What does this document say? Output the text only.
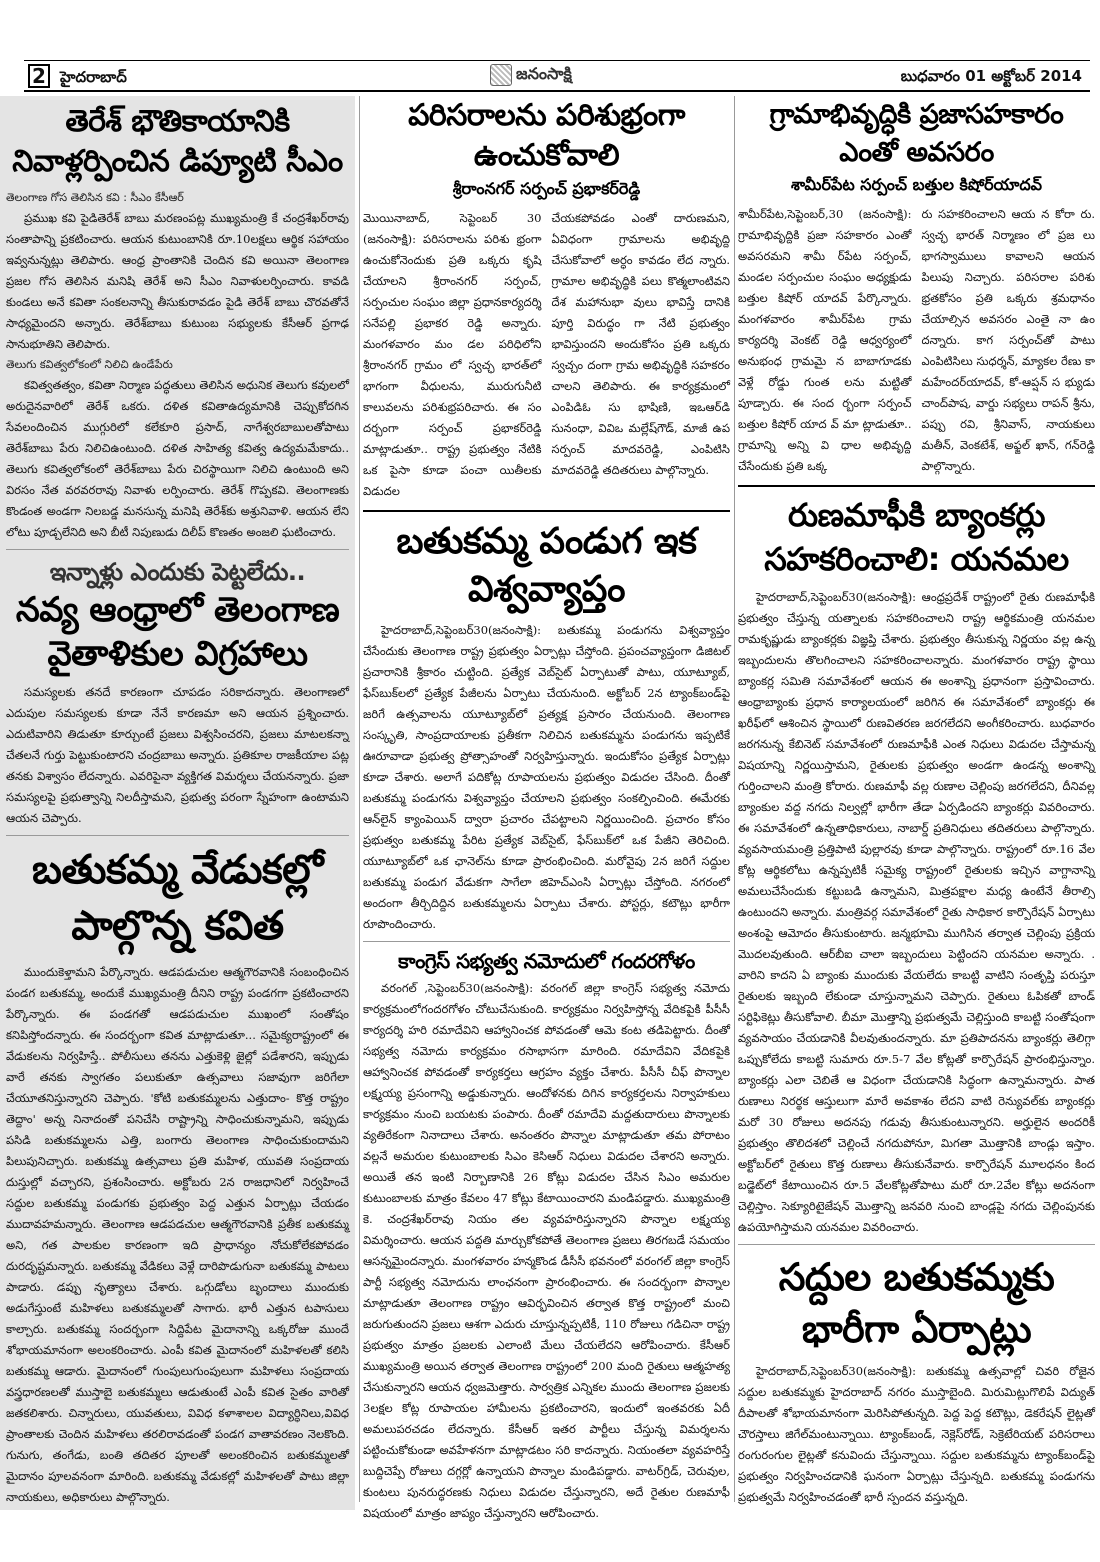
2 హైదరాబాద్	జనంసాక్షి	బుధవారం 01 అక్టోబర్ 2014
తెరేశ్ భౌతికాయానికి
నివాళ్లర్పించిన డిప్యూటి సీఎం
తెలంగాణ గోస తెలిసిన కవి : సీఎం కేసీఆర్
ప్రముఖ కవి పైడితెరేశ్ బాబు మరణంపట్ల ముఖ్యమంత్రి కే చంద్రశేఖర్‌రావు సంతాపాన్ని ప్రకటించారు. ఆయన కుటుంబానికి రూ.10లక్షలు ఆర్థిక సహాయం ఇవ్వనున్నట్లు తెలిపారు. ఆంధ్ర ప్రాంతానికి చెందిన కవి అయినా తెలంగాణ ప్రజల గోస తెలిసిన మనిషి తెరేశ్ అని సీఎం నివాళులర్పించారు. కావడి కుండలు అనే కవితా సంకలనాన్ని తీసుకురావడం పైడి తెరేశ్ బాబు చొరవతోనే సాధ్యమైందని అన్నారు. తెరేశ్‌బాబు కుటుంబ సభ్యులకు కేసీఆర్ ప్రగాఢ సానుభూతిని తెలిపారు.
తెలుగు కవిత్వలోకంలో నిలిచి ఉండేపేరు
కవిత్వతత్వం, కవితా నిర్మాణ పద్ధతులు తెలిసిన అధునిక తెలుగు కవులలో అరుదైనవారిలో తెరేశ్ ఒకరు. దళిత కవితాఉద్యమానికి చెప్పుకోదగిన సేవలందించిన ముగ్గురిలో కలేకూరి ప్రసాద్, నాగేశ్వరబాబులతోపాటు తెరేశ్‌బాబు పేరు నిలిచిఉంటుంది. దళిత సాహిత్య కవిత్వ ఉద్యమమేకాదు.. తెలుగు కవిత్వలోకంలో తెరేశ్‌బాబు పేరు చిరస్థాయిగా నిలిచి ఉంటుంది అని విరసం నేత వరవరరావు నివాళు లర్పించారు. తెరేశ్ గొప్పకవి. తెలంగాణకు కొండంత అండగా నిలబడ్డ మనసున్న మనిషి తెరేశ్‌కు అశ్రునివాళి. ఆయన లేని లోటు పూడ్చలేనిది అని బీటీ నిపుణుడు దిలీప్ కొణతం అంజలి ఘటించారు.
ఇన్నాళ్లు ఎందుకు పెట్టలేదు..
నవ్య ఆంధ్రాలో తెలంగాణ
వైతాళికుల విగ్రహాలు
సమస్యలకు తనదే కారణంగా చూపడం సరికాదన్నారు. తెలంగాణలో ఎదుపుల సమస్యలకు కూడా నేనే కారణమా అని ఆయన ప్రశ్నించారు. ఎదుటివారిని తిడుతూ కూర్చుంటే ప్రజలు విశ్వసించరని, ప్రజలు మాటలకన్నా చేతలనే గుర్తు పెట్టుకుంటారని చంద్రబాబు అన్నారు. ప్రతికూల రాజకీయాల పట్ల తనకు విశ్వాసం లేదన్నారు. ఎవరిపైనా వ్యక్తిగత విమర్శలు చేయనన్నారు. ప్రజా సమస్యలపై ప్రభుత్వాన్ని నిలదీస్తామని, ప్రభుత్వ పరంగా స్నేహంగా ఉంటామని ఆయన చెప్పారు.
బతుకమ్మ వేడుకల్లో
పాల్గొన్న కవిత
ముందుకెళ్తామని పేర్కొన్నారు. ఆడపడుచుల ఆత్మగౌరవానికి సంబంధించిన పండగ బతుకమ్మ, అందుకే ముఖ్యమంత్రి దీనిని రాష్ట్ర పండగగా ప్రకటించారని పేర్కొన్నారు. ఈ పండగతో ఆడపడుచుల ముఖంలో సంతోషం కనిపిస్తోందన్నారు. ఈ సందర్బంగా కవిత మాట్లాడుతూ... సమైక్యరాష్ట్రంలో ఈ వేడుకలను నిర్వహిస్తే.. పోలీసులు తనను ఎత్తుకెళ్లి జైల్లో పడేశారని, ఇప్పుడు వారే తనకు స్వాగతం పలుకుతూ ఉత్సవాలు సజావుగా జరిగేలా చేయూతనిస్తున్నారని చెప్పారు. 'కోటి బతుకమ్మలను ఎత్తుదాం- కొత్త రాష్ట్రం తెద్దాం' అన్న నినాదంతో పనిచేసి రాష్ట్రాన్ని సాధించుకున్నామని, ఇప్పుడు పసిడి బతుకమ్మలను ఎత్తి, బంగారు తెలంగాణ సాధించుకుందామని పిలుపునిచ్చారు. బతుకమ్మ ఉత్సవాలు ప్రతి మహిళ, యువతి సంప్రదాయ దుస్తుల్లో వచ్చారని, ప్రశంసించారు. అక్టోబరు 2న రాజధానిలో నిర్వహించే సద్దుల బతుకమ్మ పండుగకు ప్రభుత్వం పెద్ద ఎత్తున ఏర్పాట్లు చేయడం ముదావహమన్నారు. తెలంగాణ ఆడపడచుల ఆత్మగౌరవానికి ప్రతీక బతుకమ్మ అని, గత పాలకుల కారణంగా ఇది ప్రాధాన్యం నోచుకోలేకపోవడం దురదృష్టమన్నారు. బతుకమ్మ వేడికలు వెళ్లే దారిపొడుగునా బతుకమ్మ పాటలు పాడారు. డప్పు నృత్యాలు చేశారు. ఒగ్గుడోలు బృందాలు ముందుకు అడుగేస్తుంటే మహిళలు బతుకమ్మలతో సాగారు. భారీ ఎత్తున టపాసులు కాల్చారు. బతుకమ్మ సందర్బంగా సిద్దిపేట మైదానాన్ని ఒక్కరోజు ముందే శోభాయమానంగా అలంకరించారు. ఎంపీ కవిత మైదానంలో మహిళలతో కలిసి బతుకమ్మ ఆడారు. మైదానంలో గుంపులుగుంపులుగా మహిళలు సంప్రదాయ వస్త్రధారణలతో ముస్తాబై బతుకమ్మలు ఆడుతుంటే ఎంపీ కవిత సైతం వారితో జతకలిశారు. చిన్నారులు, యువతులు, వివిధ కళాశాలల విద్యార్ధినిలు,వివిధ ప్రాంతాలకు చెందిన మహిళలు తరలిరావడంతో పండగ వాతావరణం నెలకొంది. గునుగు, తంగేడు, బంతి తదితర పూలతో అలంకరించిన బతుకమ్మలతో మైదానం పూలవనంగా మారింది. బతుకమ్మ వేడుకల్లో మహిళలతో పాటు జిల్లా నాయకులు, అధికారులు పాల్గొన్నారు.
పరిసరాలను పరిశుభ్రంగా
ఉంచుకోవాలి
శ్రీరాంనగర్ సర్పంచ్ ప్రభాకర్‌రెడ్డి
మొయినాబాద్, సెప్టెంబర్ 30 (జనంసాక్షి): పరిసరాలను పరిశు భ్రంగా ఉంచుకోనెందుకు ప్రతి ఒక్కరు కృషి చేయాలని శ్రీరాంనగర్ సర్పంచ్, సర్పంచుల సంఘం జిల్లా ప్రధానకార్యదర్శి సనేపల్లి ప్రభాకర రెడ్డి అన్నారు. మంగళవారం మం డల పరిధిలోని శ్రీరాంనగర్ గ్రామం లో స్వచ్ఛ భారత్‌లో భాగంగా వీధులను, మురుగునీటి కాలువలను పరిశుభ్రపరిచారు. ఈ సం దర్బంగా సర్పంచ్ ప్రభాకర్‌రెడ్డి మాట్లాడుతూ.. రాష్ట్ర ప్రభుత్వం నేటికి ఒక పైసా కూడా పంచా యితీలకు విడుదల
చేయకపోవడం ఎంతో దారుణమని, ఏవిధంగా గ్రామాలను అభివృద్ది చేసుకోవాలో అర్ధం కావడం లేద న్నారు. గ్రామాల అభివృద్ధికి పలు కొత్మలాంటివని దేశ మహానుభా వులు భావిస్తే దానికి పూర్తి విరుద్ధం గా నేటి ప్రభుత్వం భావిస్తుందని అందుకోసం ప్రతి ఒక్కరు స్వచ్చం దంగా గ్రామ అభివృద్ధికి సహకరం చాలని తెలిపారు. ఈ కార్యక్రమంలో ఎంపిడిఓ సు భాషిణి, ఇఒఆర్‌డి సునంధా, వివిఒ మల్లేష్‌గౌడ్, మాజీ ఉప సర్పంచ్ మాదవరెడ్డి, ఎంపిటిసి మాదవరెడ్డి తదితరులు పాల్గొన్నారు.
బతుకమ్మ పండుగ ఇక
విశ్వవ్యాప్తం
హైదరాబాద్,సెప్టెంబర్30(జనంసాక్షి): బతుకమ్మ పండుగను విశ్వవ్యాప్తం చేసేందుకు తెలంగాణ రాష్ట్ర ప్రభుత్వం ఏర్పాట్లు చేస్తోంది. ప్రపంచవ్యాప్తంగా డిజిటల్ ప్రచారానికి శ్రీకారం చుట్టింది. ప్రత్యేక వెబ్‌సైట్ ఏర్పాటుతో పాటు, యూట్యూబ్, ఫేస్‌బుక్‌లలో ప్రత్యేక పేజీలను ఏర్పాటు చేయనుంది. అక్టోబర్ 2న ట్యాంక్‌బండ్‌పై జరిగే ఉత్సవాలను యూట్యూబ్‌లో ప్రత్యక్ష ప్రసారం చేయనుంది. తెలంగాణ సంస్కృతి, సాంప్రదాయాలకు ప్రతీకగా నిలిచిన బతుకమ్మను పండుగను ఇప్పటికే ఊరూవాడా ప్రభుత్వ ప్రోత్సాహంతో నిర్వహిస్తున్నారు. ఇందుకోసం ప్రత్యేక ఏర్పాట్లు కూడా చేశారు. అలాగే పదికోట్ల రూపాయలను ప్రభుత్వం విడుదల చేసింది. దీంతో బతుకమ్మ పండుగను విశ్వవ్యాప్తం చేయాలని ప్రభుత్వం సంకల్పించింది. ఈమేరకు ఆన్‌లైన్ క్యాంపెయిన్ ద్వారా ప్రచారం చేపట్టాలని నిర్ణయించింది. ప్రచారం కోసం ప్రభుత్వం బతుకమ్మ పేరిట ప్రత్యేక వెబ్‌సైట్, ఫేస్‌బుక్‌లో ఒక పేజీని తెరిచింది. యూట్యూబ్‌లో ఒక ఛానెల్‌ను కూడా ప్రారంభించింది. మరోవైపు 2న జరిగే సద్దుల బతుకమ్మ పండుగ వేడుకగా సాగేలా జిహెచ్ఎంసి ఏర్పాట్లు చేస్తోంది. నగరంలో అందంగా తీర్చిదిద్దిన బతుకమ్మలను ఏర్పాటు చేశారు. పోస్టర్లు, కటౌట్లు భారీగా రూపొందించారు.
కాంగ్రెస్ సభ్యత్వ నమోదులో గందరగోళం
వరంగల్ ,సెప్టెంబర్30(జనంసాక్షి): వరంగల్ జిల్లా కాంగ్రెస్ సభ్యత్వ నమోదు కార్యక్రమంలోగందరగోళం చోటుచేసుకుంది. కార్యక్రమం నిర్వహిస్తోన్న వేదికపైకి పీసీసీ కార్యదర్శి హరి రమాదేవిని ఆహ్వానించక పోవడంతో ఆమె కంట తడిపెట్టారు. దీంతో సభ్యత్వ నమోదు కార్యక్రమం రసాభాసగా మారింది. రమాదేవిని వేదికపైకి ఆహ్వానించక పోవడంతో కార్యకర్తలు ఆగ్రహం వ్యక్తం చేశారు. పీసీసీ చీఫ్ పొన్నాల లక్ష్మయ్య ప్రసంగాన్ని అడ్డుకున్నారు. ఆందోళనకు దిగిన కార్యకర్తలను నిర్వాహకులు కార్యక్రమం నుంచి బయటకు పంపారు. దీంతో రమాదేవి మద్దతుదారులు పొన్నాలకు వ్యతిరేకంగా నినాదాలు చేశారు. అనంతరం పొన్నాల మాట్లాడుతూ తమ పోరాటం వల్లనే అమరుల కుటుంబాలకు సిఎం కెసిఆర్ నిధులు విడుదల చేశారని అన్నారు. అయితే తన ఇంటి నిర్బాణానికి 26 కోట్లు విడుదల చేసిన సిఎం అమరుల కుటుంబాలకు మాత్రం కేవలం 47 కోట్లు కేటాయించారని మండిపడ్డారు. ముఖ్యమంత్రి కె. చంద్రశేఖర్‌రావు నియం తల వ్యవహరిస్తున్నారని పొన్నాల లక్ష్మయ్య విమర్శించారు. ఆయన పద్దతి మార్చుకోకపోతే తెలంగాణ ప్రజలు తిరగబడే సమయం ఆసన్నమైందన్నారు. మంగళవారం హన్మకొండ డీసీసీ భవనంలో వరంగల్ జిల్లా కాంగ్రెస్ పార్టీ సభ్యత్వ నమోదును లాంఛనంగా ప్రారంభించారు. ఈ సందర్బంగా పొన్నాల మాట్లాడుతూ తెలంగాణ రాష్ట్రం ఆవిర్భవించిన తర్వాత కొత్త రాష్ట్రంలో మంచి జరుగుతుందని ప్రజలు ఆశగా ఎదురు చూస్తున్నప్పటికీ, 110 రోజులు గడిచినా రాష్ట్ర ప్రభుత్వం మాత్రం ప్రజలకు ఎలాంటి మేలు చేయలేదని ఆరోపించారు. కేసీఆర్ ముఖ్యమంత్రి అయిన తర్వాత తెలంగాణ రాష్ట్రంలో 200 మంది రైతులు ఆత్మహత్య చేసుకున్నారని ఆయన ధ్వజమెత్తారు. సార్వత్రిక ఎన్నికల ముందు తెలంగాణ ప్రజలకు 3లక్షల కోట్ల రూపాయల హామీలను ప్రకటించారని, ఇందులో ఇంతవరకు ఏదీ అమలుపరచడం లేదన్నారు. కేసీఆర్ ఇతర పార్టీలు చేస్తున్న విమర్శలను పట్టించుకోకుండా అవహేళనగా మాట్లాడటం సరి కాదన్నారు. నియంతలా వ్యవహరిస్తే బుద్దిచెప్పే రోజులు దగ్గర్లో ఉన్నాయని పొన్నాల మండిపడ్డారు. వాటర్‌గ్రిడ్, చెరువుల, కుంటలు పునరుద్ధరణకు నిధులు విడుదల చేస్తున్నారని, అదే రైతుల రుణమాఫీ విషయంలో మాత్రం జాప్యం చేస్తున్నారని ఆరోపించారు.
గ్రామాభివృద్ధికి ప్రజాసహకారం
ఎంతో అవసరం
శామీర్‌పేట సర్పంచ్ బత్తుల కిషోర్‌యాదవ్
శామీర్‌పేట,సెప్టెంబర్,30 (జనంసాక్షి): గ్రామాభివృద్దికి ప్రజా సహకారం ఎంతో అవసరమని శామీ ర్‌పేట సర్పంచ్, మండల సర్పంచుల సంఘం అధ్యక్షుడు బత్తుల కిషోర్ యాదవ్ పేర్కొన్నారు. మంగళవారం శామీర్‌పేట గ్రామ కార్యదర్శి వెంకట్ రెడ్డి ఆధ్వర్యంలో అనుభంధ గ్రామమై న బాబాగూడకు వెళ్లే రోడ్డు గుంత లను మట్టితో పూడ్చారు. ఈ సంద ర్బంగా సర్పంచ్ బత్తుల కిషోర్ యాద వ్ మా ట్లాడుతూ.. గ్రామాన్ని అన్ని వి ధాల అభివృద్ది చేసేందుకు ప్రతి ఒక్క
రు సహకరించాలని ఆయ న కోరా రు. స్వచ్ఛ భారత్ నిర్మాణం లో ప్రజ లు భాగస్వాములు కావాలని ఆయన పిలుపు నిచ్చారు. పరిసరాల పరిశు భ్రతకోసం ప్రతి ఒక్కరు శ్రమధానం చేయాల్సిన అవసరం ఎంతై నా ఉం దన్నారు. కాగ సర్పంచ్‌తో పాటు ఎంపిటిసిలు సుధర్శన్, మ్యాకల రేణు కా మహేందర్‌యాదవ్, కో-ఆప్షన్ స భ్యుడు చాంద్‌పాష, వార్డు సభ్యలు రాపన్ శ్రీను, పప్పు రవి, శ్రీనివాస్, నాయకులు మతీన్, వెంకటేశ్, అఫ్జల్ ఖాన్, గన్‌రెడ్డి పాల్గొన్నారు.
రుణమాఫీకి బ్యాంకర్లు
సహకరించాలి: యనమల
హైదరాబాద్,సెప్టెంబర్30(జనంసాక్షి): ఆంధ్రప్రదేశ్ రాష్ట్రంలో రైతు రుణమాఫీకి ప్రభుత్వం చేస్తున్న యత్నాలకు సహకరించాలని రాష్ట్ర ఆర్థికమంత్రి యనమల రామకృష్ణుడు బ్యాంకర్లకు విజ్ఞప్తి చేశారు. ప్రభుత్వం తీసుకున్న నిర్ణయం వల్ల ఉన్న ఇబ్బందులను తొలగించాలని సహకరించాలన్నారు. మంగళవారం రాష్ట్ర స్థాయి బ్యాంకర్ల సమితి సమావేశంలో ఆయన ఈ అంశాన్ని ప్రధానంగా ప్రస్తావించారు. ఆంధ్రాబ్యాంకు ప్రధాన కార్యాలయంలో జరిగిన ఈ సమావేశంలో బ్యాంకర్లు ఈ ఖరీఫ్‌లో ఆశించిన స్థాయిలో రుణవితరణ జరగలేదని అంగీకరించారు. బుధవారం జరగనున్న కేబినెట్ సమావేశంలో రుణమాఫీకి ఎంత నిధులు విడుదల చేస్తామన్న విషయాన్ని నిర్ణయిస్తామని, రైతులకు ప్రభుత్వం అండగా ఉండన్న అంశాన్ని గుర్తించాలని మంత్రి కోరారు. రుణమాఫీ వల్ల రుణాల చెల్లింపు జరగలేదని, దీనివల్ల బ్యాంకుల వద్ద నగదు నిల్వల్లో భారీగా తేడా ఏర్పడిందని బ్యాంకర్లు వివరించారు. ఈ సమావేశంలో ఉన్నతాధికారులు, నాబార్డ్ ప్రతినిధులు తదితరులు పాల్గొన్నారు. వ్యవసాయమంత్రి ప్రత్తిపాటి పుల్లారవు కూడా పాల్గొన్నారు. రాష్ట్రంలో రూ.16 వేల కోట్ల ఆర్థికలోటు ఉన్నప్పటికీ సమైక్య రాష్ట్రంలో రైతులకు ఇచ్చిన వాగ్దానాన్ని అమలుచేసేందుకు కట్టుబడి ఉన్నామని, మిత్రపక్షాల మధ్య ఉంటేనే తీరాల్సి ఉంటుందని అన్నారు. మంత్రివర్గ సమావేశంలో రైతు సాధికార కార్పొరేషన్ ఏర్పాటు అంశంపై ఆమోదం తీసుకుంటారు. జన్మభూమి ముగిసిన తర్వాత చెల్లింపు ప్రక్రియ మొదలవుతుంది. ఆర్‌బీఐ చాలా ఇబ్బందులు పెట్టిందని యనమల అన్నారు. . వారిని కాదని ఏ బ్యాంకు ముందుకు వేయలేదు కాబట్టి వాటిని సంతృప్తి పరుస్తూ రైతులకు ఇబ్బంది లేకుండా చూస్తున్నామని చెప్పారు. రైతులు ఓపికతో బాండ్ సర్టిఫికెట్లు తీసుకోవాలి. బీమా మొత్తాన్ని ప్రభుత్వమే చెల్లిస్తుంది కాబట్టి సంతోషంగా వ్యవసాయం చేయడానికి వీలవుతుందన్నారు. మా ప్రతిపాదనను బ్యాంకర్లు తెలిగ్గా ఒప్పుకోలేదు కాబట్టి సుమారు రూ.5-7 వేల కోట్లతో కార్పొరేషన్ ప్రారంభిస్తున్నాం. బ్యాంకర్లు ఎలా చెబితే ఆ విధంగా చేయడానికి సిద్ధంగా ఉన్నామన్నారు. పాత రుణాలు నిరర్థక ఆస్తులుగా మారే అవకాశం లేదని వాటి రెన్యువల్‌కు బ్యాంకర్లు మరో 30 రోజులు అదనపు గడువు తీసుకుంటున్నారని. అర్హులైన అందరికీ ప్రభుత్వం తొలిదశలో చెల్లించే నగదుపోనూ, మిగతా మొత్తానికి బాండ్లు ఇస్తాం. అక్టోబర్‌లో రైతులు కొత్త రుణాలు తీసుకునేవారు. కార్పొరేషన్ మూలధనం కింద బడ్జెట్‌లో కేటాయించిన రూ.5 వేలకోట్లతోపాటు మరో రూ.2వేల కోట్లు అదనంగా చెల్లిస్తాం. సెక్యూరిటైజేషన్ మొత్తాన్ని జనవరి నుంచి బాండ్లపై నగదు చెల్లింపునకు ఉపయోగిస్తామని యనమల వివరించారు.
సద్దుల బతుకమ్మకు
భారీగా ఏర్పాట్లు
హైదరాబాద్,సెప్టెంబర్30(జనంసాక్షి): బతుకమ్మ ఉత్సవాల్లో చివరి రోజైన సద్దుల బతుకమ్మకు హైదరాబాద్ నగరం ముస్తాబైంది. మిరుమిట్లుగొలిపే విద్యుత్ దీపాలతో శోభాయమానంగా మెరిసిపోతున్నది. పెద్ద పెద్ద కటౌట్లు, డెకరేషన్ లైట్లతో చౌరస్తాలు జిగేల్‌మంటున్నాయి. ట్యాంక్‌బండ్, నెక్లెస్‌రోడ్, సెక్రెటేరియట్ పరిసరాలు రంగురంగుల లైట్లతో కనువిందు చేస్తున్నాయి. సద్దుల బతుకమ్మను ట్యాంక్‌బండ్‌పై ప్రభుత్వం నిర్వహించడానికి ఘనంగా ఏర్పాట్లు చేస్తున్నది. బతుకమ్మ పండుగను ప్రభుత్వమే నిర్వహించడంతో భారీ స్పందన వస్తున్నది.
